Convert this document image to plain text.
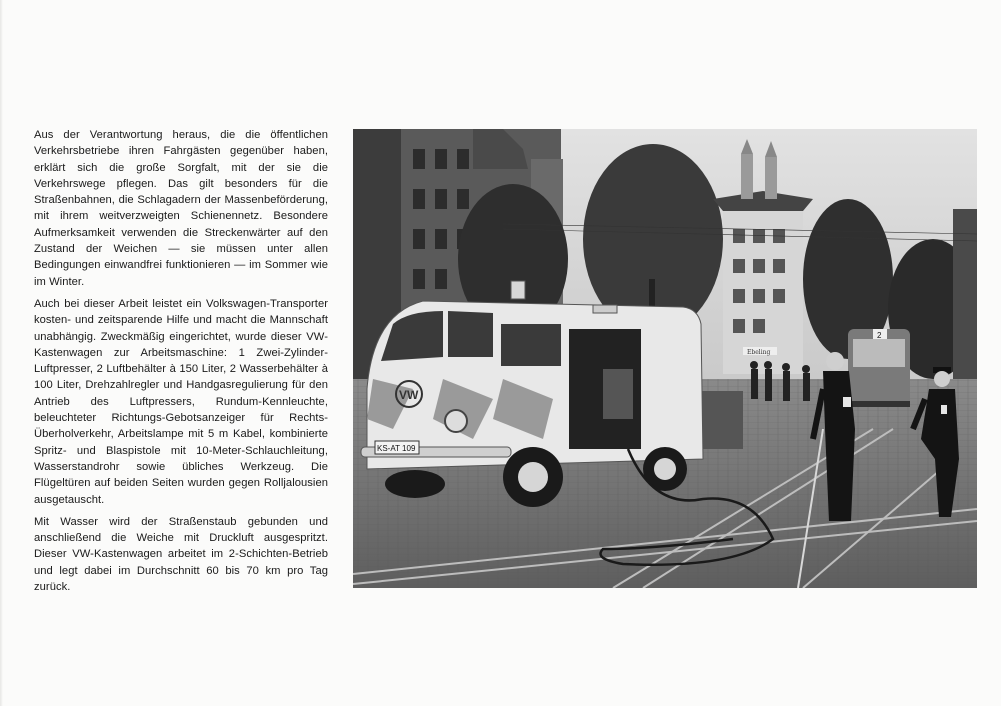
Aus der Verantwortung heraus, die die öffentlichen Verkehrsbetriebe ihren Fahrgästen gegenüber haben, erklärt sich die große Sorgfalt, mit der sie die Verkehrswege pflegen. Das gilt besonders für die Straßenbahnen, die Schlagadern der Massenbeförderung, mit ihrem weitverzweigten Schienennetz. Besondere Aufmerksamkeit verwenden die Streckenwärter auf den Zustand der Weichen — sie müssen unter allen Bedingungen einwandfrei funktionieren — im Sommer wie im Winter.

Auch bei dieser Arbeit leistet ein Volkswagen-Transporter kosten- und zeitsparende Hilfe und macht die Mannschaft unabhängig. Zweckmäßig eingerichtet, wurde dieser VW-Kastenwagen zur Arbeitsmaschine: 1 Zwei-Zylinder-Luftpresser, 2 Luftbehälter à 150 Liter, 2 Wasserbehälter à 100 Liter, Drehzahlregler und Handgasregulierung für den Antrieb des Luftpressers, Rundum-Kennleuchte, beleuchteter Richtungs-Gebotsanzeiger für Rechts-Überholverkehr, Arbeitslampe mit 5 m Kabel, kombinierte Spritz- und Blaspistole mit 10-Meter-Schlauchleitung, Wasserstandrohr sowie übliches Werkzeug. Die Flügeltüren auf beiden Seiten wurden gegen Rolljalousien ausgetauscht.

Mit Wasser wird der Straßenstaub gebunden und anschließend die Weiche mit Druckluft ausgespritzt. Dieser VW-Kastenwagen arbeitet im 2-Schichten-Betrieb und legt dabei im Durchschnitt 60 bis 70 km pro Tag zurück.

Ebeling
2
VW
KS-AT 109
